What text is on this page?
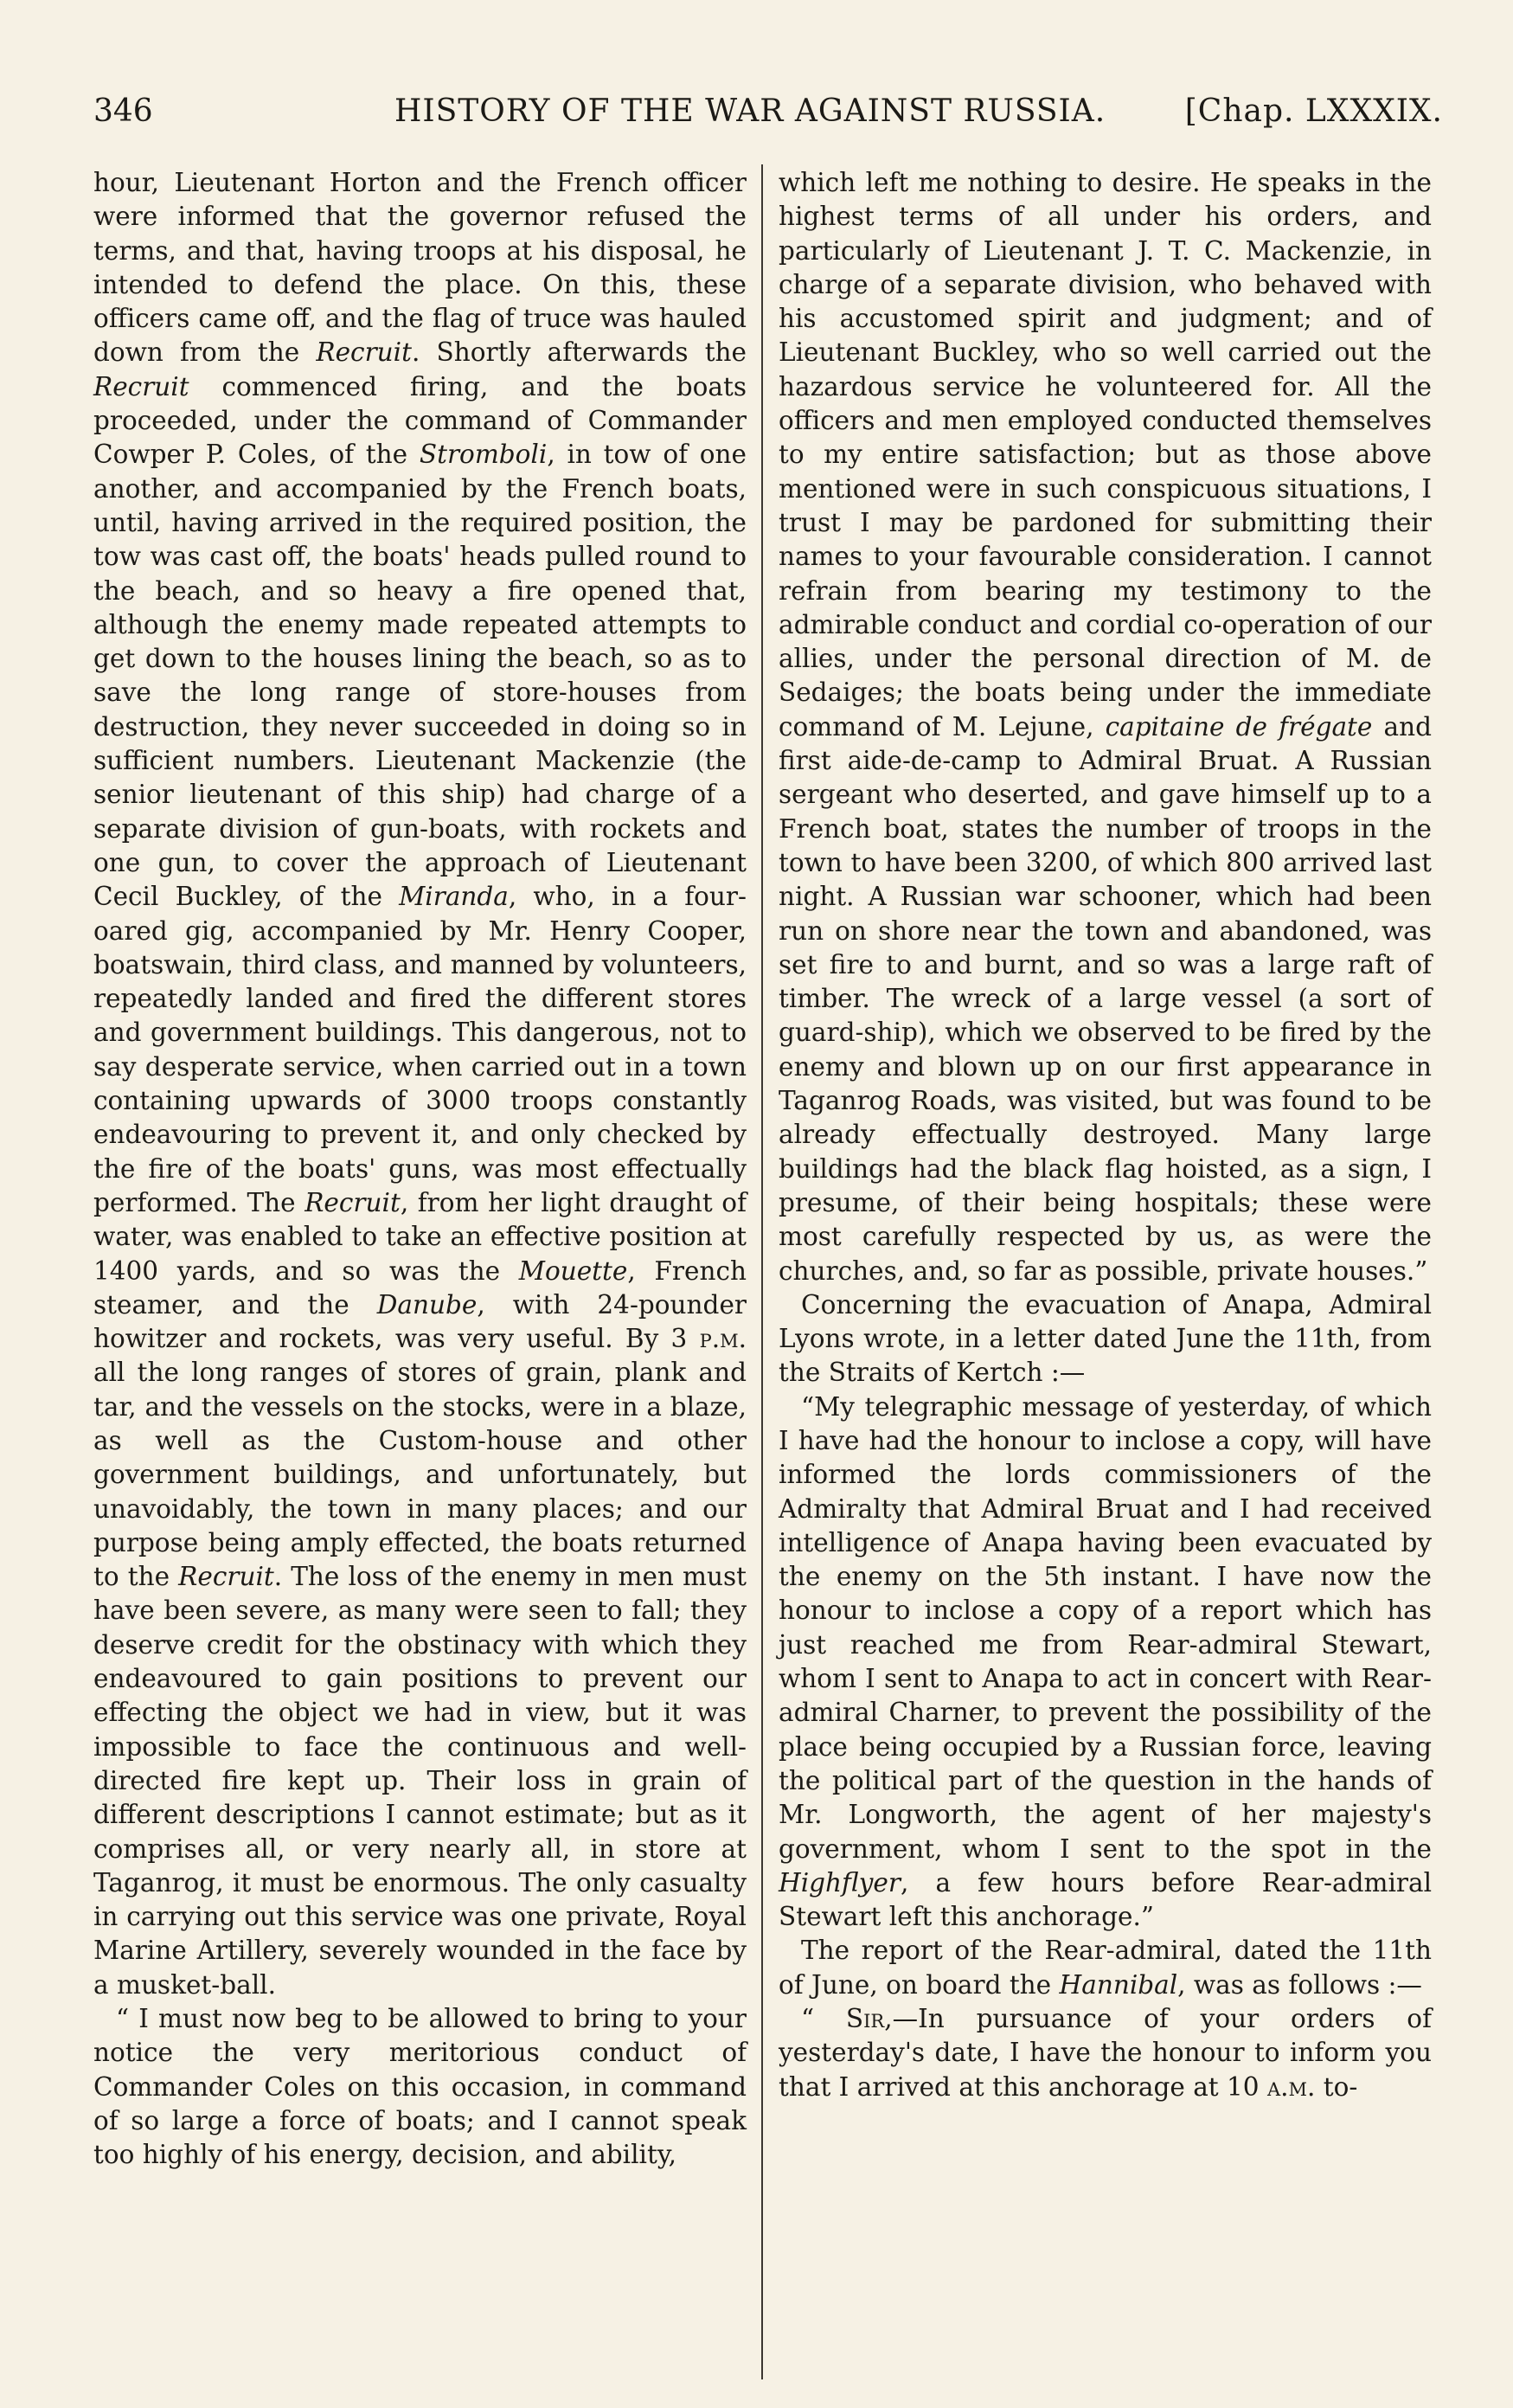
346	HISTORY OF THE WAR AGAINST RUSSIA.	[Chap. LXXXIX.

hour, Lieutenant Horton and the French officer were informed that the governor refused the terms, and that, having troops at his disposal, he intended to defend the place. On this, these officers came off, and the flag of truce was hauled down from the Recruit. Shortly afterwards the Recruit commenced firing, and the boats proceeded, under the command of Commander Cowper P. Coles, of the Stromboli, in tow of one another, and accompanied by the French boats, until, having arrived in the required position, the tow was cast off, the boats' heads pulled round to the beach, and so heavy a fire opened that, although the enemy made repeated attempts to get down to the houses lining the beach, so as to save the long range of store-houses from destruction, they never succeeded in doing so in sufficient numbers. Lieutenant Mackenzie (the senior lieutenant of this ship) had charge of a separate division of gun-boats, with rockets and one gun, to cover the approach of Lieutenant Cecil Buckley, of the Miranda, who, in a four-oared gig, accompanied by Mr. Henry Cooper, boatswain, third class, and manned by volunteers, repeatedly landed and fired the different stores and government buildings. This dangerous, not to say desperate service, when carried out in a town containing upwards of 3000 troops constantly endeavouring to prevent it, and only checked by the fire of the boats' guns, was most effectually performed. The Recruit, from her light draught of water, was enabled to take an effective position at 1400 yards, and so was the Mouette, French steamer, and the Danube, with 24-pounder howitzer and rockets, was very useful. By 3 p.m. all the long ranges of stores of grain, plank and tar, and the vessels on the stocks, were in a blaze, as well as the Custom-house and other government buildings, and unfortunately, but unavoidably, the town in many places; and our purpose being amply effected, the boats returned to the Recruit. The loss of the enemy in men must have been severe, as many were seen to fall; they deserve credit for the obstinacy with which they endeavoured to gain positions to prevent our effecting the object we had in view, but it was impossible to face the continuous and well-directed fire kept up. Their loss in grain of different descriptions I cannot estimate; but as it comprises all, or very nearly all, in store at Taganrog, it must be enormous. The only casualty in carrying out this service was one private, Royal Marine Artillery, severely wounded in the face by a musket-ball.

“ I must now beg to be allowed to bring to your notice the very meritorious conduct of Commander Coles on this occasion, in command of so large a force of boats; and I cannot speak too highly of his energy, decision, and ability,

which left me nothing to desire. He speaks in the highest terms of all under his orders, and particularly of Lieutenant J. T. C. Mackenzie, in charge of a separate division, who behaved with his accustomed spirit and judgment; and of Lieutenant Buckley, who so well carried out the hazardous service he volunteered for. All the officers and men employed conducted themselves to my entire satisfaction; but as those above mentioned were in such conspicuous situations, I trust I may be pardoned for submitting their names to your favourable consideration. I cannot refrain from bearing my testimony to the admirable conduct and cordial co-operation of our allies, under the personal direction of M. de Sedaiges; the boats being under the immediate command of M. Lejune, capitaine de frégate and first aide-de-camp to Admiral Bruat. A Russian sergeant who deserted, and gave himself up to a French boat, states the number of troops in the town to have been 3200, of which 800 arrived last night. A Russian war schooner, which had been run on shore near the town and abandoned, was set fire to and burnt, and so was a large raft of timber. The wreck of a large vessel (a sort of guard-ship), which we observed to be fired by the enemy and blown up on our first appearance in Taganrog Roads, was visited, but was found to be already effectually destroyed. Many large buildings had the black flag hoisted, as a sign, I presume, of their being hospitals; these were most carefully respected by us, as were the churches, and, so far as possible, private houses.”

Concerning the evacuation of Anapa, Admiral Lyons wrote, in a letter dated June the 11th, from the Straits of Kertch :—

“My telegraphic message of yesterday, of which I have had the honour to inclose a copy, will have informed the lords commissioners of the Admiralty that Admiral Bruat and I had received intelligence of Anapa having been evacuated by the enemy on the 5th instant. I have now the honour to inclose a copy of a report which has just reached me from Rear-admiral Stewart, whom I sent to Anapa to act in concert with Rear-admiral Charner, to prevent the possibility of the place being occupied by a Russian force, leaving the political part of the question in the hands of Mr. Longworth, the agent of her majesty's government, whom I sent to the spot in the Highflyer, a few hours before Rear-admiral Stewart left this anchorage.”

The report of the Rear-admiral, dated the 11th of June, on board the Hannibal, was as follows :—

“ Sir,—In pursuance of your orders of yesterday's date, I have the honour to inform you that I arrived at this anchorage at 10 a.m. to-
